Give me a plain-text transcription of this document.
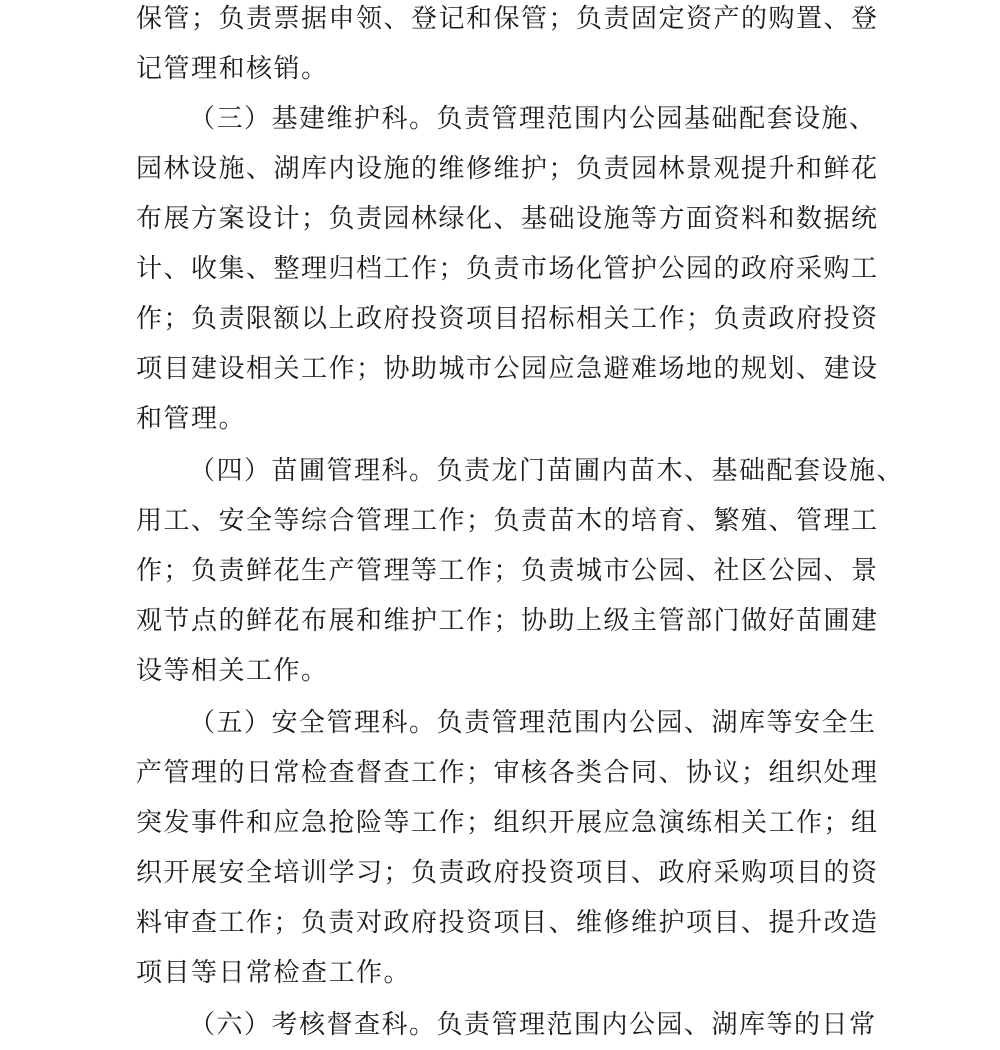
保管；负责票据申领、登记和保管；负责固定资产的购置、登
记管理和核销。
（三）基建维护科。负责管理范围内公园基础配套设施、
园林设施、湖库内设施的维修维护；负责园林景观提升和鲜花
布展方案设计；负责园林绿化、基础设施等方面资料和数据统
计、收集、整理归档工作；负责市场化管护公园的政府采购工
作；负责限额以上政府投资项目招标相关工作；负责政府投资
项目建设相关工作；协助城市公园应急避难场地的规划、建设
和管理。
（四）苗圃管理科。负责龙门苗圃内苗木、基础配套设施、
用工、安全等综合管理工作；负责苗木的培育、繁殖、管理工
作；负责鲜花生产管理等工作；负责城市公园、社区公园、景
观节点的鲜花布展和维护工作；协助上级主管部门做好苗圃建
设等相关工作。
（五）安全管理科。负责管理范围内公园、湖库等安全生
产管理的日常检查督查工作；审核各类合同、协议；组织处理
突发事件和应急抢险等工作；组织开展应急演练相关工作；组
织开展安全培训学习；负责政府投资项目、政府采购项目的资
料审查工作；负责对政府投资项目、维修维护项目、提升改造
项目等日常检查工作。
（六）考核督查科。负责管理范围内公园、湖库等的日常
